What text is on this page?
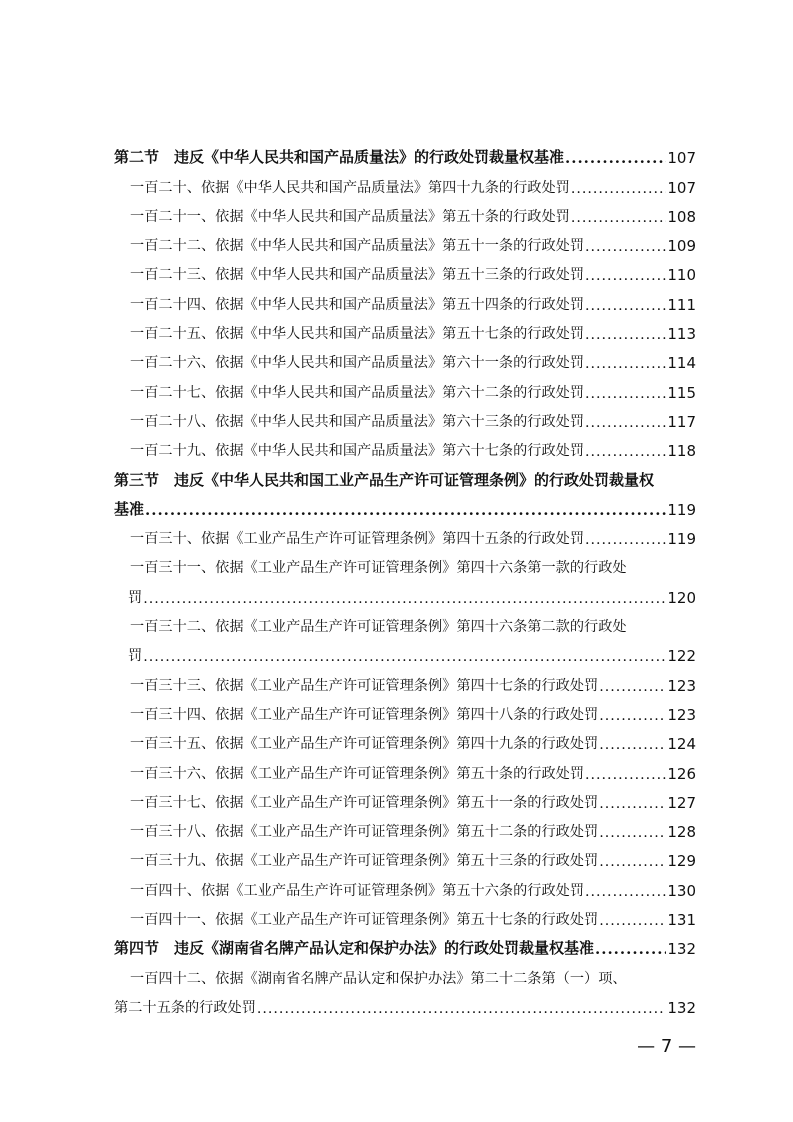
第二节　违反《中华人民共和国产品质量法》的行政处罚裁量权基准 .....	107
一百二十、依据《中华人民共和国产品质量法》第四十九条的行政处罚 .....	107
一百二十一、依据《中华人民共和国产品质量法》第五十条的行政处罚 .....	108
一百二十二、依据《中华人民共和国产品质量法》第五十一条的行政处罚 .....	109
一百二十三、依据《中华人民共和国产品质量法》第五十三条的行政处罚 .....	110
一百二十四、依据《中华人民共和国产品质量法》第五十四条的行政处罚 .....	111
一百二十五、依据《中华人民共和国产品质量法》第五十七条的行政处罚 .....	113
一百二十六、依据《中华人民共和国产品质量法》第六十一条的行政处罚 .....	114
一百二十七、依据《中华人民共和国产品质量法》第六十二条的行政处罚 .....	115
一百二十八、依据《中华人民共和国产品质量法》第六十三条的行政处罚 .....	117
一百二十九、依据《中华人民共和国产品质量法》第六十七条的行政处罚 .....	118
第三节　违反《中华人民共和国工业产品生产许可证管理条例》的行政处罚裁量权
基准 .....	119
一百三十、依据《工业产品生产许可证管理条例》第四十五条的行政处罚 .....	119
一百三十一、依据《工业产品生产许可证管理条例》第四十六条第一款的行政处
罚 .....	120
一百三十二、依据《工业产品生产许可证管理条例》第四十六条第二款的行政处
罚 .....	122
一百三十三、依据《工业产品生产许可证管理条例》第四十七条的行政处罚 .....	123
一百三十四、依据《工业产品生产许可证管理条例》第四十八条的行政处罚 .....	123
一百三十五、依据《工业产品生产许可证管理条例》第四十九条的行政处罚 .....	124
一百三十六、依据《工业产品生产许可证管理条例》第五十条的行政处罚 .....	126
一百三十七、依据《工业产品生产许可证管理条例》第五十一条的行政处罚 .....	127
一百三十八、依据《工业产品生产许可证管理条例》第五十二条的行政处罚 .....	128
一百三十九、依据《工业产品生产许可证管理条例》第五十三条的行政处罚 .....	129
一百四十、依据《工业产品生产许可证管理条例》第五十六条的行政处罚 .....	130
一百四十一、依据《工业产品生产许可证管理条例》第五十七条的行政处罚 .....	131
第四节　违反《湖南省名牌产品认定和保护办法》的行政处罚裁量权基准 .....	132
一百四十二、依据《湖南省名牌产品认定和保护办法》第二十二条第（一）项、
第二十五条的行政处罚 .....	132
— 7 —
